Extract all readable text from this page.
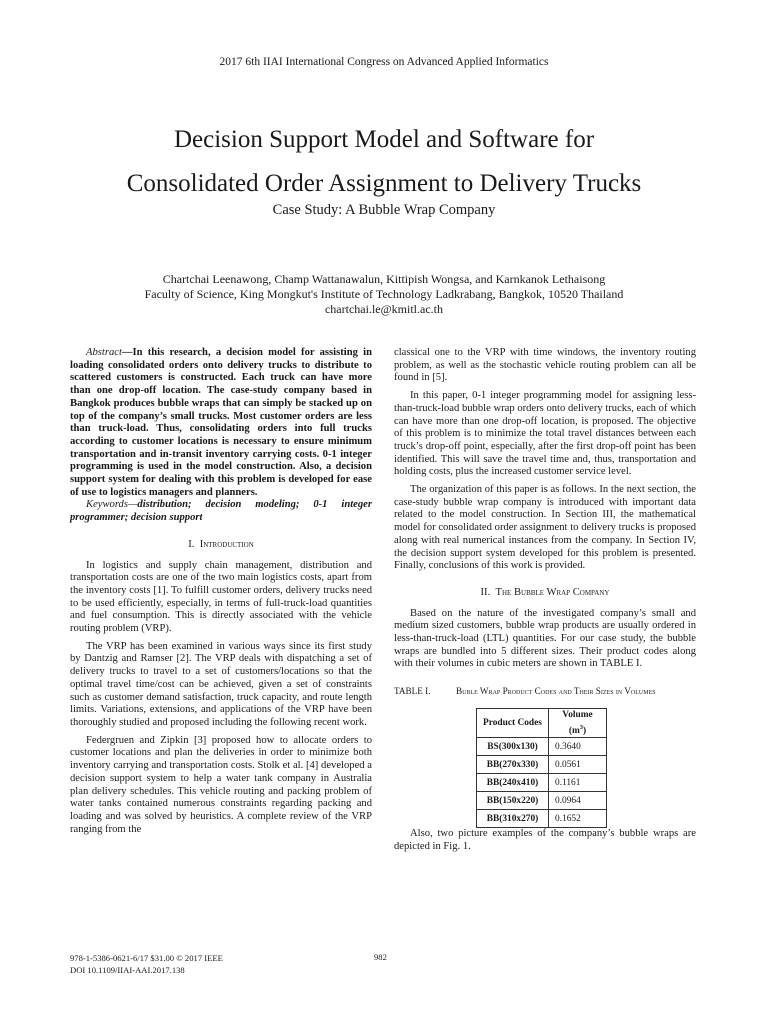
2017 6th IIAI International Congress on Advanced Applied Informatics
Decision Support Model and Software for
Consolidated Order Assignment to Delivery Trucks
Case Study: A Bubble Wrap Company
Chartchai Leenawong, Champ Wattanawalun, Kittipish Wongsa, and Karnkanok Lethaisong
Faculty of Science, King Mongkut's Institute of Technology Ladkrabang, Bangkok, 10520 Thailand
chartchai.le@kmitl.ac.th

Abstract—In this research, a decision model for assisting in loading consolidated orders onto delivery trucks to distribute to scattered customers is constructed. Each truck can have more than one drop-off location. The case-study company based in Bangkok produces bubble wraps that can simply be stacked up on top of the company’s small trucks. Most customer orders are less than truck-load. Thus, consolidating orders into full trucks according to customer locations is necessary to ensure minimum transportation and in-transit inventory carrying costs. 0-1 integer programming is used in the model construction. Also, a decision support system for dealing with this problem is developed for ease of use to logistics managers and planners.

Keywords—distribution; decision modeling; 0-1 integer programmer; decision support

I. Introduction

In logistics and supply chain management, distribution and transportation costs are one of the two main logistics costs, apart from the inventory costs [1]. To fulfill customer orders, delivery trucks need to be used efficiently, especially, in terms of full-truck-load quantities and fuel consumption. This is directly associated with the vehicle routing problem (VRP).

The VRP has been examined in various ways since its first study by Dantzig and Ramser [2]. The VRP deals with dispatching a set of delivery trucks to travel to a set of customers/locations so that the optimal travel time/cost can be achieved, given a set of constraints such as customer demand satisfaction, truck capacity, and route length limits. Variations, extensions, and applications of the VRP have been thoroughly studied and proposed including the following recent work.

Federgruen and Zipkin [3] proposed how to allocate orders to customer locations and plan the deliveries in order to minimize both inventory carrying and transportation costs. Stolk et al. [4] developed a decision support system to help a water tank company in Australia plan delivery schedules. This vehicle routing and packing problem of water tanks contained numerous constraints regarding packing and loading and was solved by heuristics. A complete review of the VRP ranging from the

classical one to the VRP with time windows, the inventory routing problem, as well as the stochastic vehicle routing problem can all be found in [5].

In this paper, 0-1 integer programming model for assigning less-than-truck-load bubble wrap orders onto delivery trucks, each of which can have more than one drop-off location, is proposed. The objective of this problem is to minimize the total travel distances between each truck’s drop-off point, especially, after the first drop-off point has been identified. This will save the travel time and, thus, transportation and holding costs, plus the increased customer service level.

The organization of this paper is as follows. In the next section, the case-study bubble wrap company is introduced with important data related to the model construction. In Section III, the mathematical model for consolidated order assignment to delivery trucks is proposed along with real numerical instances from the company. In Section IV, the decision support system developed for this problem is presented. Finally, conclusions of this work is provided.

II. The Bubble Wrap Company

Based on the nature of the investigated company’s small and medium sized customers, bubble wrap products are usually ordered in less-than-truck-load (LTL) quantities. For our case study, the bubble wraps are bundled into 5 different sizes. Their product codes along with their volumes in cubic meters are shown in TABLE I.

TABLE I.	Buble Wrap Product Codes and Their Sizes in Volumes
Product Codes	Volume $(m^3)$
BS(300x130)	0.3640
BB(270x330)	0.0561
BB(240x410)	0.1161
BB(150x220)	0.0964
BB(310x270)	0.1652

Also, two picture examples of the company’s bubble wraps are depicted in Fig. 1.

978-1-5386-0621-6/17 $31.00 © 2017 IEEE
DOI 10.1109/IIAI-AAI.2017.138
982
